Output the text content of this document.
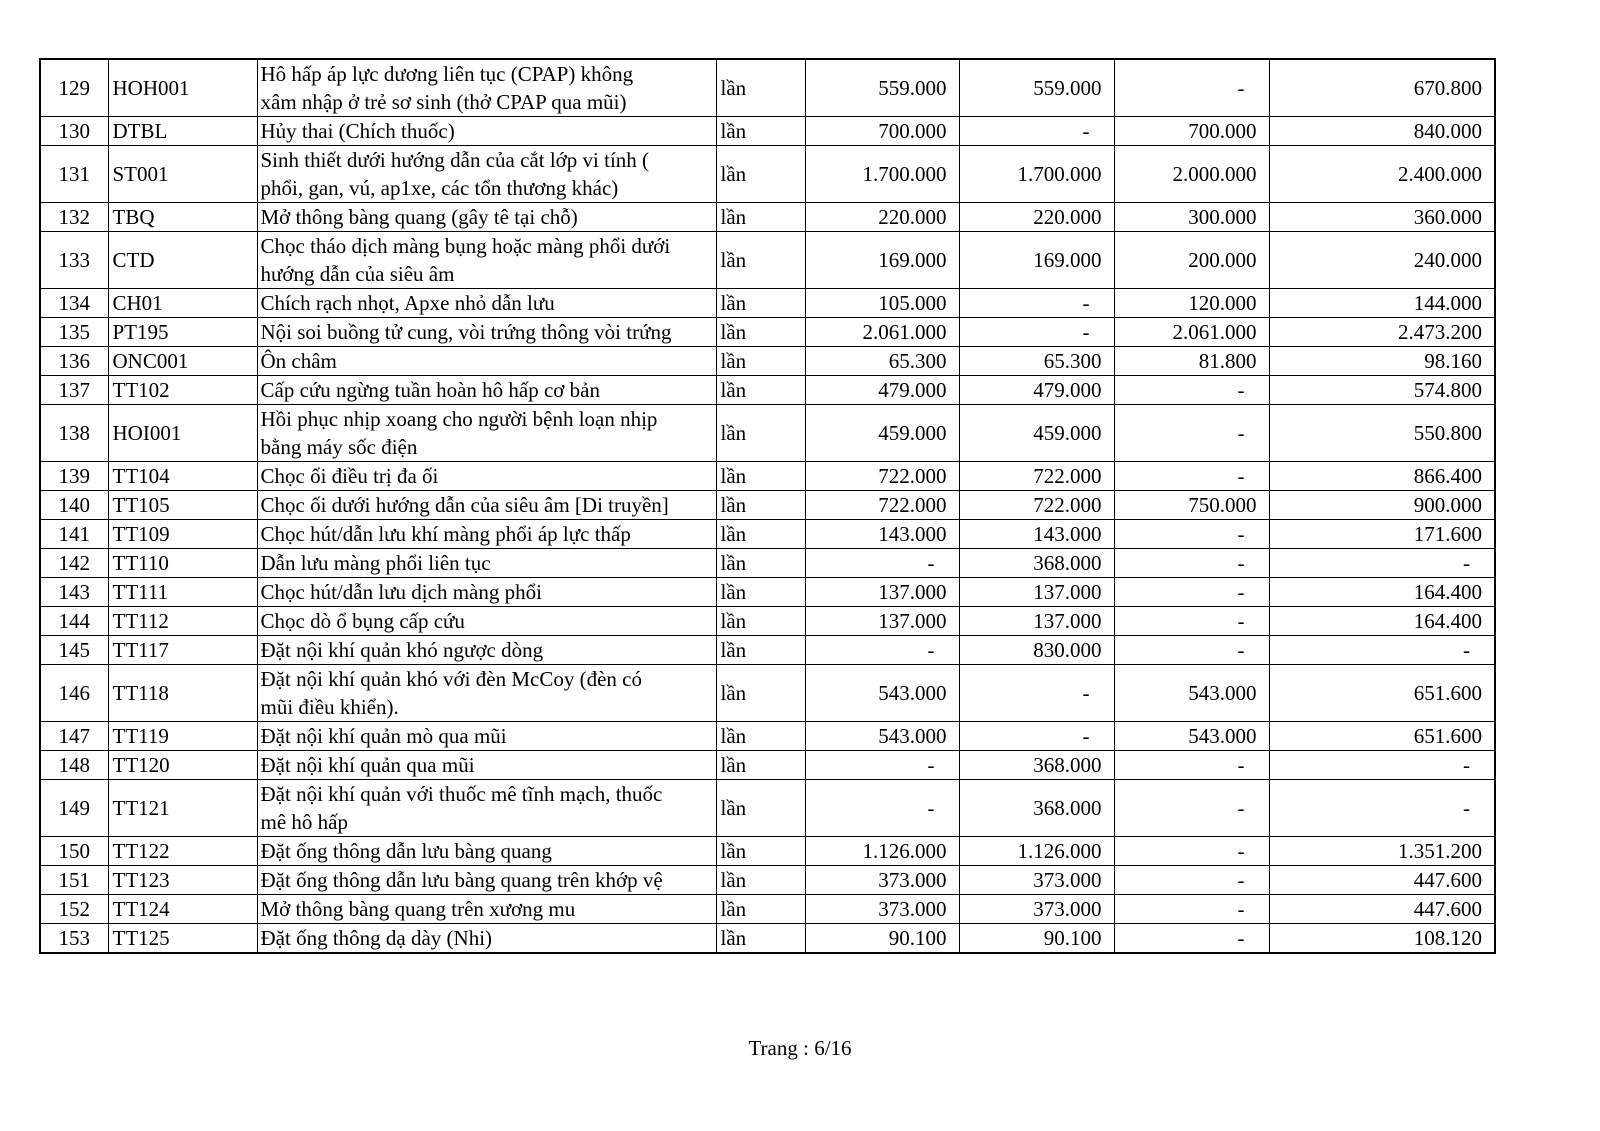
129	HOH001	Hô hấp áp lực dương liên tục (CPAP) không
xâm nhập ở trẻ sơ sinh (thở CPAP qua mũi)	lần	559.000	559.000	-	670.800
130	DTBL	Hủy thai (Chích thuốc)	lần	700.000	-	700.000	840.000
131	ST001	Sinh thiết dưới hướng dẫn của cắt lớp vi tính (
phổi, gan, vú, ap1xe, các tổn thương khác)	lần	1.700.000	1.700.000	2.000.000	2.400.000
132	TBQ	Mở thông bàng quang (gây tê tại chỗ)	lần	220.000	220.000	300.000	360.000
133	CTD	Chọc tháo dịch màng bụng hoặc màng phổi dưới
hướng dẫn của siêu âm	lần	169.000	169.000	200.000	240.000
134	CH01	Chích rạch nhọt, Apxe nhỏ dẫn lưu	lần	105.000	-	120.000	144.000
135	PT195	Nội soi buồng tử cung, vòi trứng thông vòi trứng	lần	2.061.000	-	2.061.000	2.473.200
136	ONC001	Ôn châm	lần	65.300	65.300	81.800	98.160
137	TT102	Cấp cứu ngừng tuần hoàn hô hấp cơ bản	lần	479.000	479.000	-	574.800
138	HOI001	Hồi phục nhịp xoang cho người bệnh loạn nhịp
bằng máy sốc điện	lần	459.000	459.000	-	550.800
139	TT104	Chọc ối điều trị đa ối	lần	722.000	722.000	-	866.400
140	TT105	Chọc ối dưới hướng dẫn của siêu âm [Di truyền]	lần	722.000	722.000	750.000	900.000
141	TT109	Chọc hút/dẫn lưu khí màng phổi áp lực thấp	lần	143.000	143.000	-	171.600
142	TT110	Dẫn lưu màng phổi liên tục	lần	-	368.000	-	-
143	TT111	Chọc hút/dẫn lưu dịch màng phổi	lần	137.000	137.000	-	164.400
144	TT112	Chọc dò ổ bụng cấp cứu	lần	137.000	137.000	-	164.400
145	TT117	Đặt nội khí quản khó ngược dòng	lần	-	830.000	-	-
146	TT118	Đặt nội khí quản khó với đèn McCoy (đèn có
mũi điều khiển).	lần	543.000	-	543.000	651.600
147	TT119	Đặt nội khí quản mò qua mũi	lần	543.000	-	543.000	651.600
148	TT120	Đặt nội khí quản qua mũi	lần	-	368.000	-	-
149	TT121	Đặt nội khí quản với thuốc mê tĩnh mạch, thuốc
mê hô hấp	lần	-	368.000	-	-
150	TT122	Đặt ống thông dẫn lưu bàng quang	lần	1.126.000	1.126.000	-	1.351.200
151	TT123	Đặt ống thông dẫn lưu bàng quang trên khớp vệ	lần	373.000	373.000	-	447.600
152	TT124	Mở thông bàng quang trên xương mu	lần	373.000	373.000	-	447.600
153	TT125	Đặt ống thông dạ dày (Nhi)	lần	90.100	90.100	-	108.120
Trang : 6/16
